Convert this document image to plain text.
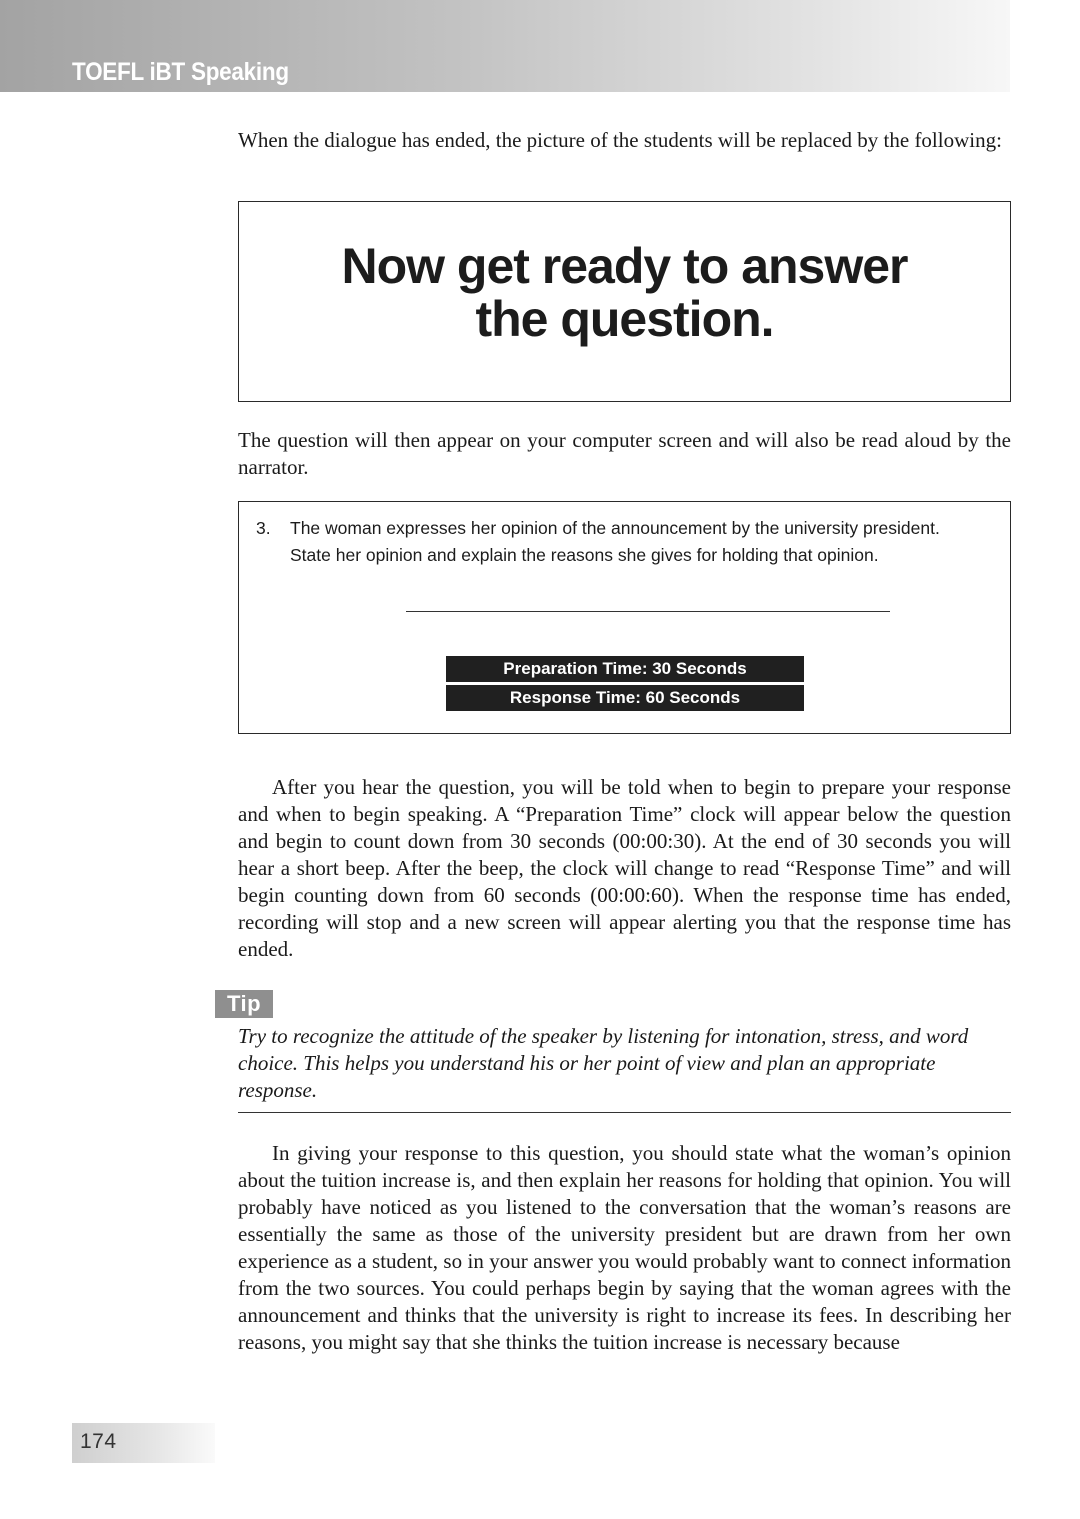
TOEFL iBT Speaking

When the dialogue has ended, the picture of the students will be replaced by the following:

Now get ready to answer
the question.

The question will then appear on your computer screen and will also be read aloud by the narrator.

3. The woman expresses her opinion of the announcement by the university president. State her opinion and explain the reasons she gives for holding that opinion.
Preparation Time: 30 Seconds
Response Time: 60 Seconds

After you hear the question, you will be told when to begin to prepare your response and when to begin speaking. A “Preparation Time” clock will appear below the question and begin to count down from 30 seconds (00:00:30). At the end of 30 seconds you will hear a short beep. After the beep, the clock will change to read “Response Time” and will begin counting down from 60 seconds (00:00:60). When the response time has ended, recording will stop and a new screen will appear alerting you that the response time has ended.

Tip

Try to recognize the attitude of the speaker by listening for intonation, stress, and word choice. This helps you understand his or her point of view and plan an appropriate response.

In giving your response to this question, you should state what the woman’s opinion about the tuition increase is, and then explain her reasons for holding that opinion. You will probably have noticed as you listened to the conversation that the woman’s reasons are essentially the same as those of the university president but are drawn from her own experience as a student, so in your answer you would probably want to connect information from the two sources. You could perhaps begin by saying that the woman agrees with the announcement and thinks that the university is right to increase its fees. In describing her reasons, you might say that she thinks the tuition increase is necessary because

174
